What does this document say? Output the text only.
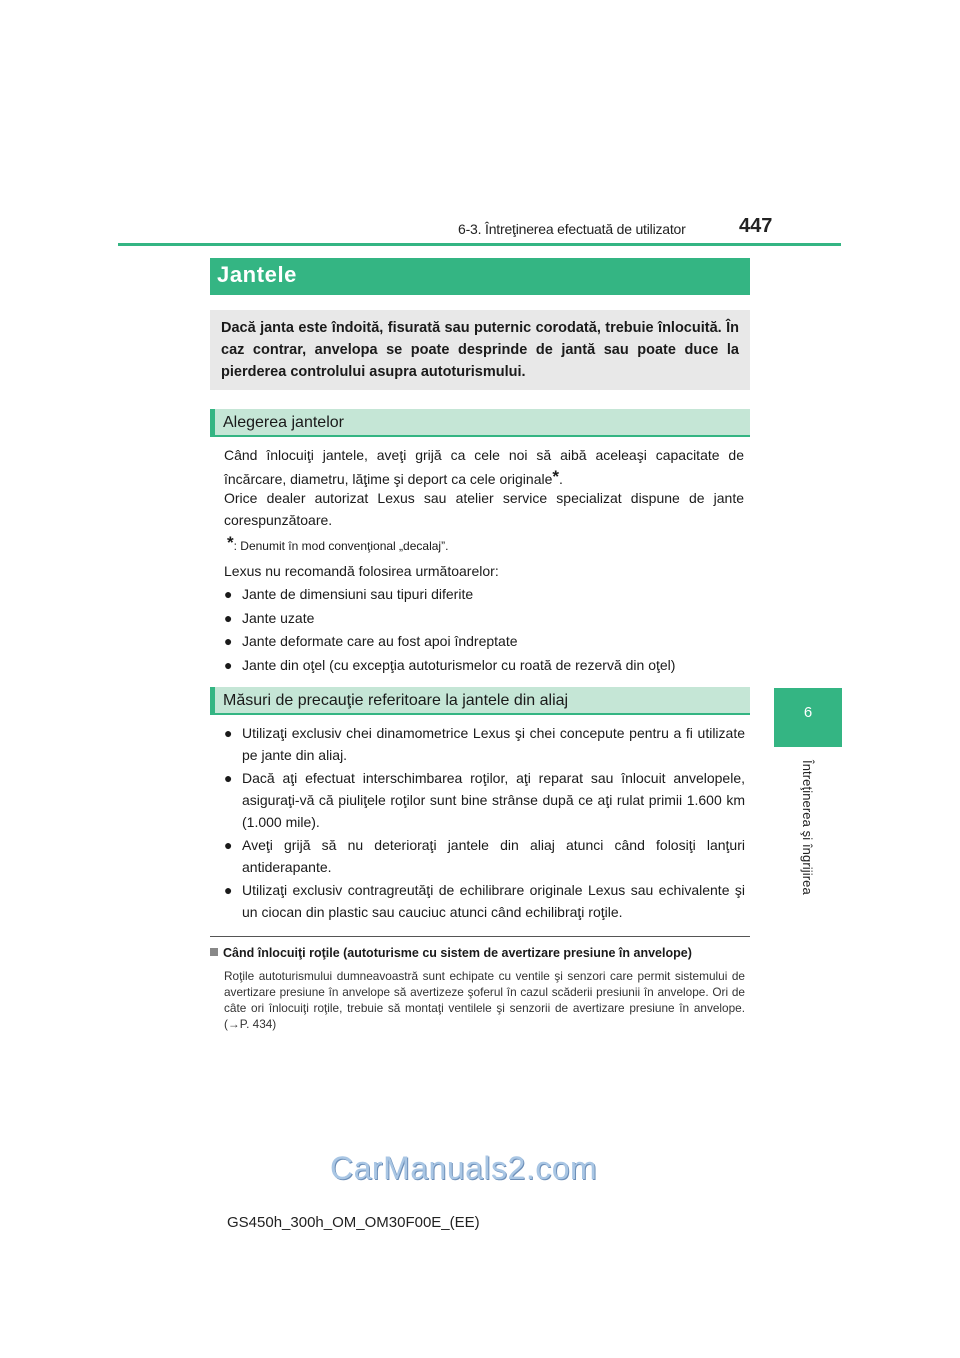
6-3. Întreţinerea efectuată de utilizator	447
6
Întreţinerea şi îngrijirea
Jantele
Dacă janta este îndoită, fisurată sau puternic corodată, trebuie înlocuită. În caz contrar, anvelopa se poate desprinde de jantă sau poate duce la pierderea controlului asupra autoturismului.
Alegerea jantelor
Când înlocuiţi jantele, aveţi grijă ca cele noi să aibă aceleaşi capacitate de încărcare, diametru, lăţime şi deport ca cele originale*.
Orice dealer autorizat Lexus sau atelier service specializat dispune de jante corespunzătoare.
*: Denumit în mod convenţional „decalaj”.
Lexus nu recomandă folosirea următoarelor:
● Jante de dimensiuni sau tipuri diferite
● Jante uzate
● Jante deformate care au fost apoi îndreptate
● Jante din oţel (cu excepţia autoturismelor cu roată de rezervă din oţel)
Măsuri de precauţie referitoare la jantele din aliaj
● Utilizaţi exclusiv chei dinamometrice Lexus şi chei concepute pentru a fi utilizate pe jante din aliaj.
● Dacă aţi efectuat interschimbarea roţilor, aţi reparat sau înlocuit anvelopele, asiguraţi-vă că piuliţele roţilor sunt bine strânse după ce aţi rulat primii 1.600 km (1.000 mile).
● Aveţi grijă să nu deterioraţi jantele din aliaj atunci când folosiţi lanţuri antiderapante.
● Utilizaţi exclusiv contragreutăţi de echilibrare originale Lexus sau echivalente şi un ciocan din plastic sau cauciuc atunci când echilibraţi roţile.
Când înlocuiţi roţile (autoturisme cu sistem de avertizare presiune în anvelope)
Roţile autoturismului dumneavoastră sunt echipate cu ventile şi senzori care permit sistemului de avertizare presiune în anvelope să avertizeze şoferul în cazul scăderii presiunii în anvelope. Ori de câte ori înlocuiţi roţile, trebuie să montaţi ventilele şi senzorii de avertizare presiune în anvelope. (→P. 434)
GS450h_300h_OM_OM30F00E_(EE)
CarManuals2.com
